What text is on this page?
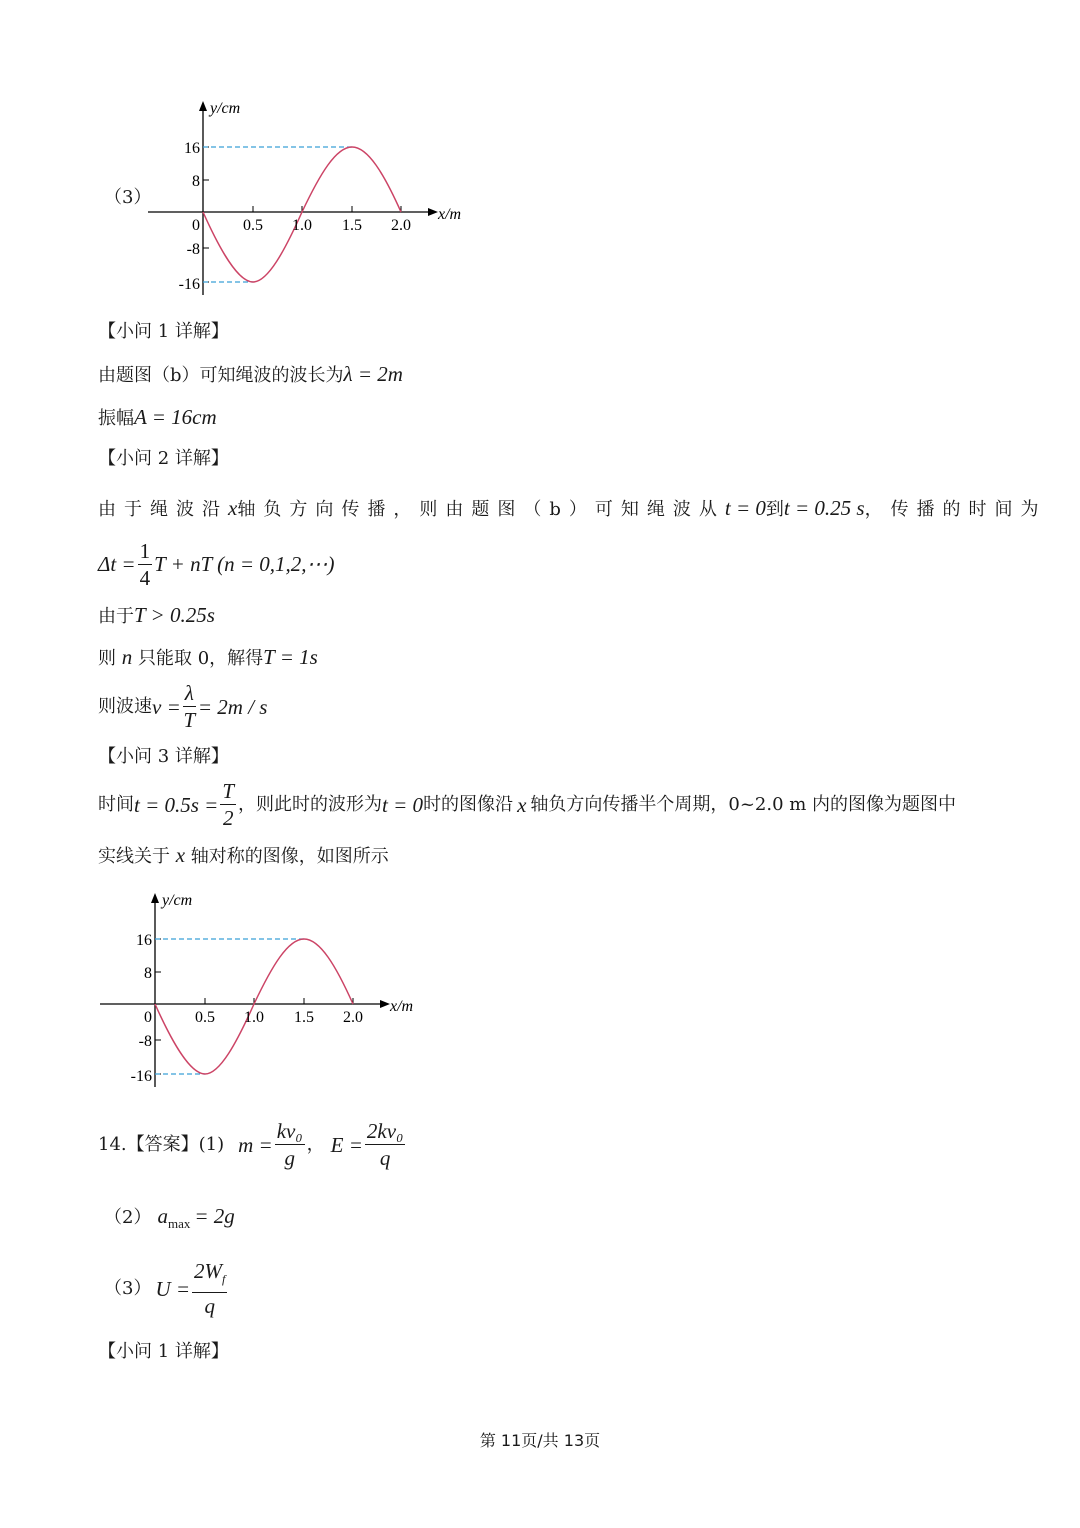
（3）
y/cm
x/m
16
8
0
-8
-16
0.5 1.0 1.5 2.0
【小问 1 详解】
由题图（b）可知绳波的波长为λ = 2m
振幅A = 16cm
【小问 2 详解】
由于绳波沿 x 轴负方向传播，则由题图（b）可知绳波从 t = 0 到 t = 0.25 s ，传播的时间为
$\Delta t = \frac{1}{4}$ T + nT (n = 0,1,2,⋯)
由于T > 0.25s
则 n 只能取 0，解得T = 1s
则波速 $v = \frac{\lambda}{T} = 2m / s$
【小问 3 详解】
时间 $t = 0.5s = \frac{T}{2}$ ，则此时的波形为 t = 0 时的图像沿 x 轴负方向传播半个周期，0~2.0 m 内的图像为题图中
实线关于 x 轴对称的图像，如图所示
y/cm
x/m
16
8
0
-8
-16
0.5 1.0 1.5 2.0
14.【答案】(1) $m = \frac{\text{kv₀}}{g}$ ， $E = \frac{\text{2kv₀}}{q}$
（2） a max = 2g
（3） $U = \frac{2W_f}{q}$
【小问 1 详解】
第 11页/共 13页
